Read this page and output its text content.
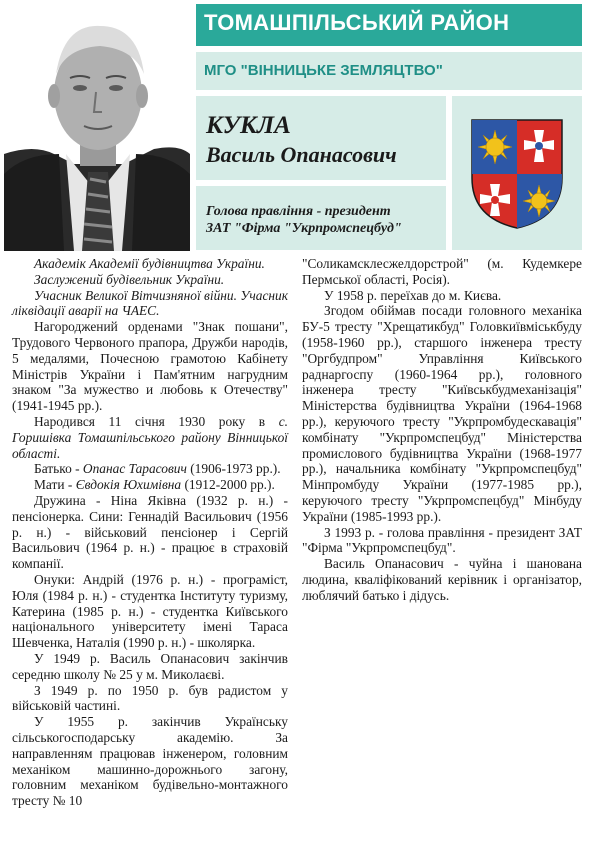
ТОМАШПІЛЬСЬКИЙ РАЙОН
МГО "ВІННИЦЬКЕ ЗЕМЛЯЦТВО"
КУКЛА
Василь Опанасович
Голова правління - президент
ЗАТ "Фірма "Укрпромспецбуд"

Академік Академії будівництва України.

Заслужений будівельник України.

Учасник Великої Вітчизняної війни. Учасник ліквідації аварії на ЧАЕС.

Нагороджений орденами "Знак пошани", Трудового Червоного прапора, Дружби народів, 5 медалями, Почесною грамотою Кабінету Міністрів України і Пам'ятним нагрудним знаком "За мужество и любовь к Отечеству" (1941-1945 рр.).

Народився 11 січня 1930 року в с. Горишівка Томашпільського району Вінницької області.

Батько - Опанас Тарасович (1906-1973 рр.).

Мати - Євдокія Юхимівна (1912-2000 рр.).

Дружина - Ніна Яківна (1932 р. н.) - пенсіонерка. Сини: Геннадій Васильович (1956 р. н.) - військовий пенсіонер і Сергій Васильович (1964 р. н.) - працює в страховій компанії.

Онуки: Андрій (1976 р. н.) - програміст, Юля (1984 р. н.) - студентка Інституту туризму, Катерина (1985 р. н.) - студентка Київського національного університету імені Тараса Шевченка, Наталія (1990 р. н.) - школярка.

У 1949 р. Василь Опанасович закінчив середню школу № 25 у м. Миколаєві.

З 1949 р. по 1950 р. був радистом у військовій частині.

У 1955 р. закінчив Українську сільськогосподарську академію. За направленням працював інженером, головним механіком машинно-дорожнього загону, головним механіком будівельно-монтажного тресту № 10

"Соликамсклесжелдорстрой" (м. Кудемкере Пермської області, Росія).

У 1958 р. переїхав до м. Києва.

Згодом обіймав посади головного механіка БУ-5 тресту "Хрещатикбуд" Головкиївміськбуду (1958-1960 рр.), старшого інженера тресту "Оргбудпром" Управління Київського раднаргоспу (1960-1964 рр.), головного інженера тресту "Київськбудмеханізація" Міністерства будівництва України (1964-1968 рр.), керуючого тресту "Укрпромбудескавація" комбінату "Укрпромспецбуд" Міністерства промислового будівництва України (1968-1977 рр.), начальника комбінату "Укрпромспецбуд" Мінпромбуду України (1977-1985 рр.), керуючого тресту "Укрпромспецбуд" Мінбуду України (1985-1993 рр.).

З 1993 р. - голова правління - президент ЗАТ "Фірма "Укрпромспецбуд".

Василь Опанасович - чуйна і шанована людина, кваліфікований керівник і організатор, люблячий батько і дідусь.
